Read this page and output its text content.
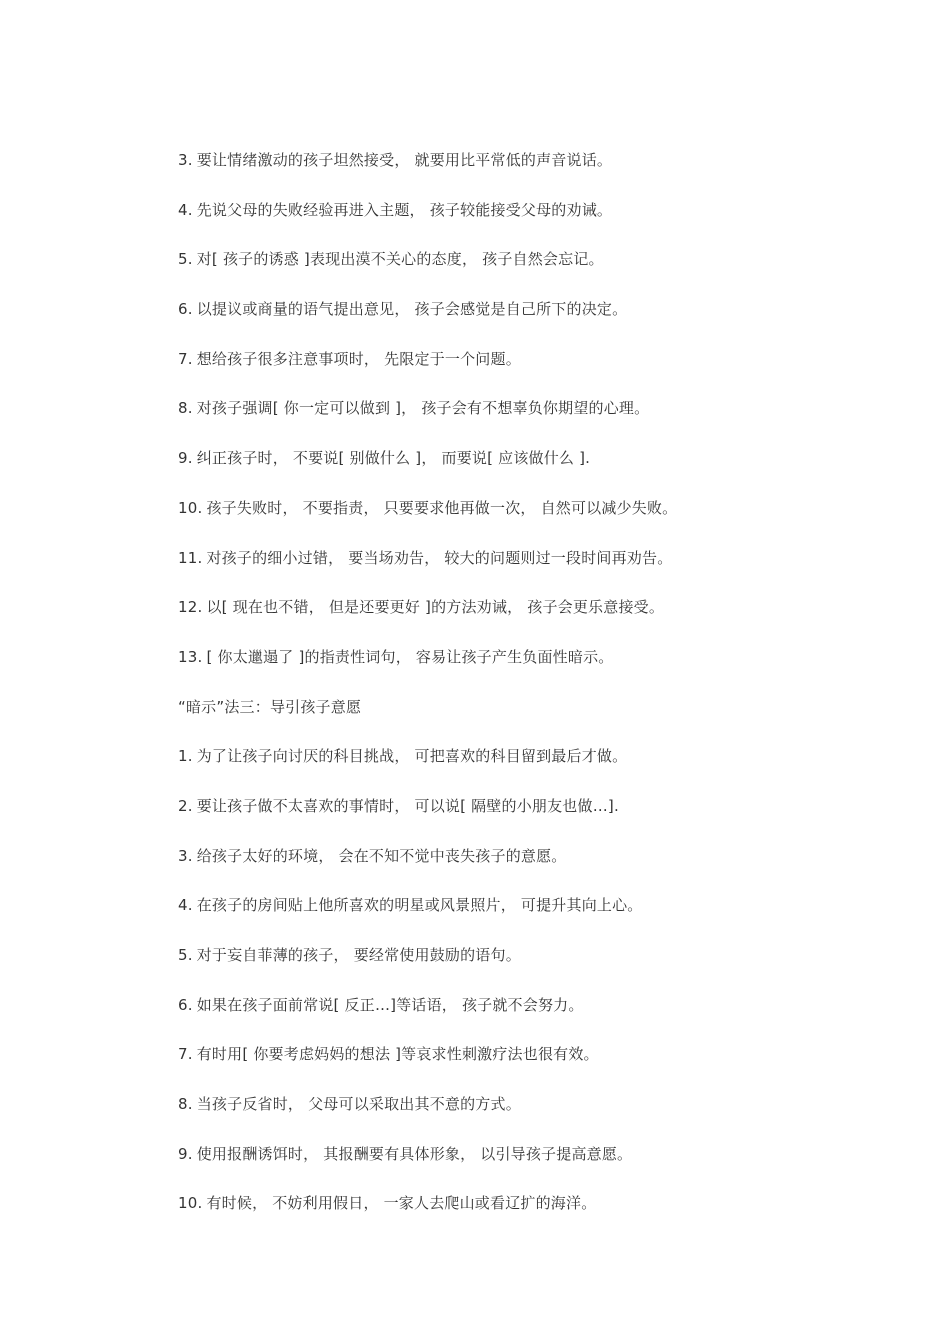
3. 要让情绪激动的孩子坦然接受， 就要用比平常低的声音说话。
4. 先说父母的失败经验再进入主题， 孩子较能接受父母的劝诫。
5. 对[ 孩子的诱惑 ]表现出漠不关心的态度， 孩子自然会忘记。
6. 以提议或商量的语气提出意见， 孩子会感觉是自己所下的决定。
7. 想给孩子很多注意事项时， 先限定于一个问题。
8. 对孩子强调[ 你一定可以做到 ]， 孩子会有不想辜负你期望的心理。
9. 纠正孩子时， 不要说[ 别做什么 ]， 而要说[ 应该做什么 ].
10. 孩子失败时， 不要指责， 只要要求他再做一次， 自然可以减少失败。
11. 对孩子的细小过错， 要当场劝告， 较大的问题则过一段时间再劝告。
12. 以[ 现在也不错， 但是还要更好 ]的方法劝诫， 孩子会更乐意接受。
13. [ 你太邋遢了 ]的指责性词句， 容易让孩子产生负面性暗示。
“暗示”法三：导引孩子意愿
1. 为了让孩子向讨厌的科目挑战， 可把喜欢的科目留到最后才做。
2. 要让孩子做不太喜欢的事情时， 可以说[ 隔壁的小朋友也做…].
3. 给孩子太好的环境， 会在不知不觉中丧失孩子的意愿。
4. 在孩子的房间贴上他所喜欢的明星或风景照片， 可提升其向上心。
5. 对于妄自菲薄的孩子， 要经常使用鼓励的语句。
6. 如果在孩子面前常说[ 反正…]等话语， 孩子就不会努力。
7. 有时用[ 你要考虑妈妈的想法 ]等哀求性刺激疗法也很有效。
8. 当孩子反省时， 父母可以采取出其不意的方式。
9. 使用报酬诱饵时， 其报酬要有具体形象， 以引导孩子提高意愿。
10. 有时候， 不妨利用假日， 一家人去爬山或看辽扩的海洋。
